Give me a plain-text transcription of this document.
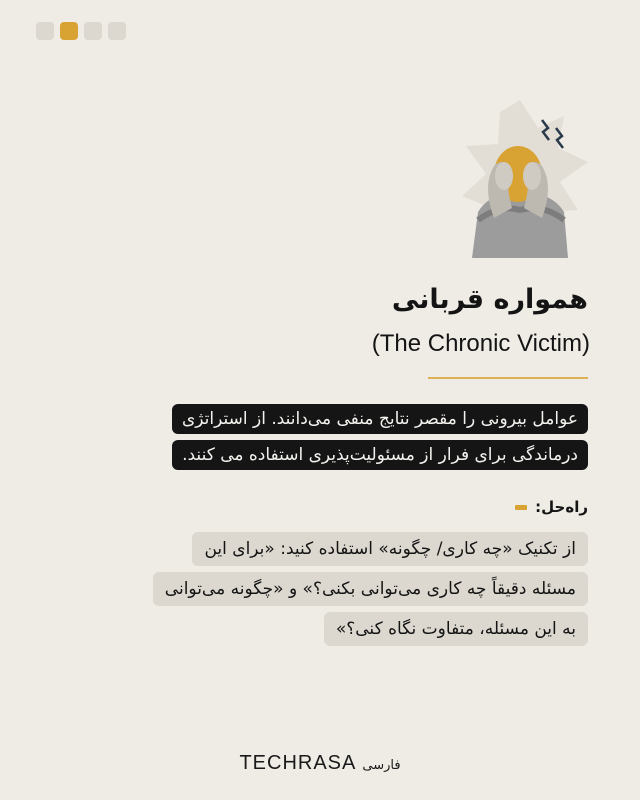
همواره قربانی
(The Chronic Victim)
عوامل بیرونی را مقصر نتایج منفی می‌دانند. از استراتژی
درماندگی برای فرار از مسئولیت‌پذیری استفاده می کنند.
راه‌حل:
از تکنیک «چه کاری/ چگونه» استفاده کنید: «برای این
مسئله دقیقاً چه کاری می‌توانی بکنی؟» و «چگونه می‌توانی
به این مسئله، متفاوت نگاه کنی؟»
TECHRASA فارسی
